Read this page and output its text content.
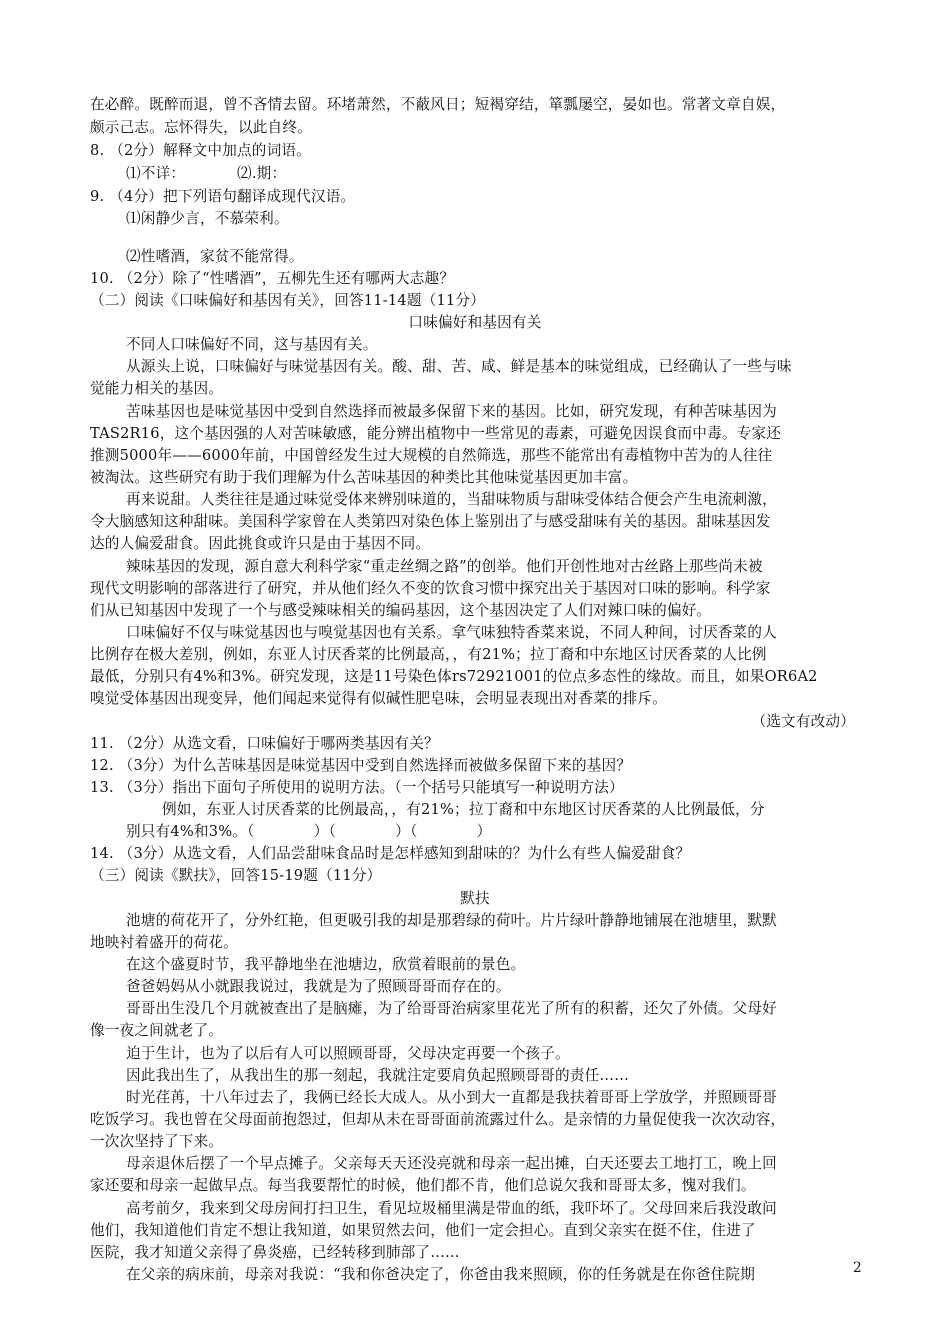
在必醉。既醉而退，曾不吝情去留。环堵萧然，不蔽风日；短褐穿结，箪瓢屡空，晏如也。常著文章自娱，
颇示己志。忘怀得失，以此自终。
8. （2分）解释文中加点的词语。
⑴不详：　　　　⑵.期：
9. （4分）把下列语句翻译成现代汉语。
⑴闲静少言，不慕荣利。
⑵性嗜酒，家贫不能常得。
10. （2分）除了“性嗜酒”，五柳先生还有哪两大志趣？
（二）阅读《口味偏好和基因有关》，回答11-14题（11分）
口味偏好和基因有关
不同人口味偏好不同，这与基因有关。
从源头上说，口味偏好与味觉基因有关。酸、甜、苦、咸、鲜是基本的味觉组成，已经确认了一些与味
觉能力相关的基因。
苦味基因也是味觉基因中受到自然选择而被最多保留下来的基因。比如，研究发现，有种苦味基因为
TAS2R16，这个基因强的人对苦味敏感，能分辨出植物中一些常见的毒素，可避免因误食而中毒。专家还
推测5000年——6000年前，中国曾经发生过大规模的自然筛选，那些不能常出有毒植物中苦为的人往往
被淘汰。这些研究有助于我们理解为什么苦味基因的种类比其他味觉基因更加丰富。
再来说甜。人类往往是通过味觉受体来辨别味道的，当甜味物质与甜味受体结合便会产生电流刺激，
令大脑感知这种甜味。美国科学家曾在人类第四对染色体上鉴别出了与感受甜味有关的基因。甜味基因发
达的人偏爱甜食。因此挑食或许只是由于基因不同。
辣味基因的发现，源自意大利科学家“重走丝绸之路”的创举。他们开创性地对古丝路上那些尚未被
现代文明影响的部落进行了研究，并从他们经久不变的饮食习惯中探究出关于基因对口味的影响。科学家
们从已知基因中发现了一个与感受辣味相关的编码基因，这个基因决定了人们对辣口味的偏好。
口味偏好不仅与味觉基因也与嗅觉基因也有关系。拿气味独特香菜来说，不同人种间，讨厌香菜的人
比例存在极大差别，例如，东亚人讨厌香菜的比例最高，，有21%；拉丁裔和中东地区讨厌香菜的人比例
最低，分别只有4%和3%。研究发现，这是11号染色体rs72921001的位点多态性的缘故。而且，如果OR6A2
嗅觉受体基因出现变异，他们闻起来觉得有似碱性肥皂味，会明显表现出对香菜的排斥。
（选文有改动）
11. （2分）从选文看，口味偏好于哪两类基因有关？
12. （3分）为什么苦味基因是味觉基因中受到自然选择而被做多保留下来的基因？
13. （3分）指出下面句子所使用的说明方法。（一个括号只能填写一种说明方法）
例如，东亚人讨厌香菜的比例最高，，有21%；拉丁裔和中东地区讨厌香菜的人比例最低，分
别只有4%和3%。（　　　　）（　　　　）（　　　　）
14. （3分）从选文看，人们品尝甜味食品时是怎样感知到甜味的？为什么有些人偏爱甜食？
（三）阅读《默扶》，回答15-19题（11分）
默扶
池塘的荷花开了，分外红艳，但更吸引我的却是那碧绿的荷叶。片片绿叶静静地铺展在池塘里，默默
地映衬着盛开的荷花。
在这个盛夏时节，我平静地坐在池塘边，欣赏着眼前的景色。
爸爸妈妈从小就跟我说过，我就是为了照顾哥哥而存在的。
哥哥出生没几个月就被查出了是脑瘫，为了给哥哥治病家里花光了所有的积蓄，还欠了外债。父母好
像一夜之间就老了。
迫于生计，也为了以后有人可以照顾哥哥，父母决定再要一个孩子。
因此我出生了，从我出生的那一刻起，我就注定要肩负起照顾哥哥的责任……
时光荏苒，十八年过去了，我俩已经长大成人。从小到大一直都是我扶着哥哥上学放学，并照顾哥哥
吃饭学习。我也曾在父母面前抱怨过，但却从未在哥哥面前流露过什么。是亲情的力量促使我一次次动容，
一次次坚持了下来。
母亲退休后摆了一个早点摊子。父亲每天天还没亮就和母亲一起出摊，白天还要去工地打工，晚上回
家还要和母亲一起做早点。每当我要帮忙的时候，他们都不肯，他们总说欠我和哥哥太多，愧对我们。
高考前夕，我来到父母房间打扫卫生，看见垃圾桶里满是带血的纸，我吓坏了。父母回来后我没敢问
他们，我知道他们肯定不想让我知道，如果贸然去问，他们一定会担心。直到父亲实在挺不住，住进了
医院，我才知道父亲得了鼻炎癌，已经转移到肺部了……
在父亲的病床前，母亲对我说：“我和你爸决定了，你爸由我来照顾，你的任务就是在你爸住院期	2
